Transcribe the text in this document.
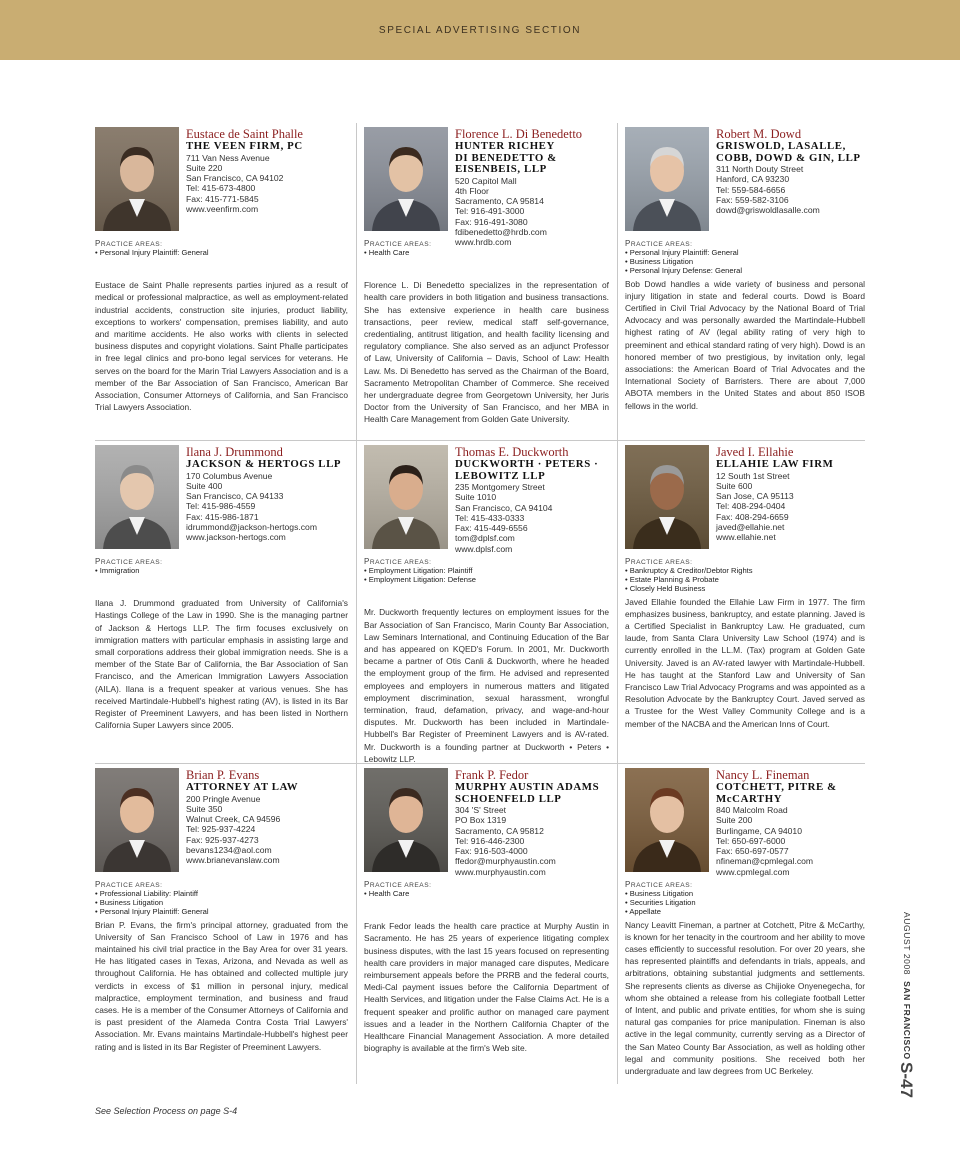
SPECIAL ADVERTISING SECTION
Eustace de Saint Phalle
THE VEEN FIRM, PC
711 Van Ness Avenue
Suite 220
San Francisco, CA 94102
Tel: 415-673-4800
Fax: 415-771-5845
www.veenfirm.com
PRACTICE AREAS:
• Personal Injury Plaintiff: General
Eustace de Saint Phalle represents parties injured as a result of medical or professional malpractice, as well as employment-related industrial accidents, construction site injuries, product liability, exceptions to workers' compensation, premises liability, and auto and maritime accidents. He also works with clients in selected business disputes and copyright violations. Saint Phalle participates in free legal clinics and pro-bono legal services for veterans. He serves on the board for the Marin Trial Lawyers Association and is a member of the Bar Association of San Francisco, American Bar Association, Consumer Attorneys of California, and San Francisco Trial Lawyers Association.
Florence L. Di Benedetto
HUNTER RICHEY
DI BENEDETTO &
EISENBEIS, LLP
520 Capitol Mall
4th Floor
Sacramento, CA 95814
Tel: 916-491-3000
Fax: 916-491-3080
fdibenedetto@hrdb.com
www.hrdb.com
PRACTICE AREAS:
• Health Care
Florence L. Di Benedetto specializes in the representation of health care providers in both litigation and business transactions. She has extensive experience in health care business transactions, peer review, medical staff self-governance, credentialing, antitrust litigation, and health facility licensing and regulatory compliance. She also served as an adjunct Professor of Law, University of California – Davis, School of Law: Health Law. Ms. Di Benedetto has served as the Chairman of the Board, Sacramento Metropolitan Chamber of Commerce. She received her undergraduate degree from Georgetown University, her Juris Doctor from the University of San Francisco, and her MBA in Health Care Management from Golden Gate University.
Robert M. Dowd
GRISWOLD, LASALLE,
COBB, DOWD & GIN, LLP
311 North Douty Street
Hanford, CA 93230
Tel: 559-584-6656
Fax: 559-582-3106
dowd@griswoldlasalle.com
PRACTICE AREAS:
• Personal Injury Plaintiff: General
• Business Litigation
• Personal Injury Defense: General
Bob Dowd handles a wide variety of business and personal injury litigation in state and federal courts. Dowd is Board Certified in Civil Trial Advocacy by the National Board of Trial Advocacy and was personally awarded the Martindale-Hubbell highest rating of AV (legal ability rating of very high to preeminent and ethical standard rating of very high). Dowd is an honored member of two prestigious, by invitation only, legal associations: the American Board of Trial Advocates and the International Society of Barristers. There are about 7,000 ABOTA members in the United States and about 850 ISOB fellows in the world.
Ilana J. Drummond
JACKSON & HERTOGS LLP
170 Columbus Avenue
Suite 400
San Francisco, CA 94133
Tel: 415-986-4559
Fax: 415-986-1871
idrummond@jackson-hertogs.com
www.jackson-hertogs.com
PRACTICE AREAS:
• Immigration
Ilana J. Drummond graduated from University of California's Hastings College of the Law in 1990. She is the managing partner of Jackson & Hertogs LLP. The firm focuses exclusively on immigration matters with particular emphasis in assisting large and small corporations address their global immigration needs. She is a member of the State Bar of California, the Bar Association of San Francisco, and the American Immigration Lawyers Association (AILA). Ilana is a frequent speaker at various venues. She has received Martindale-Hubbell's highest rating (AV), is listed in its Bar Register of Preeminent Lawyers, and has been listed in Northern California Super Lawyers since 2005.
Thomas E. Duckworth
DUCKWORTH · PETERS ·
LEBOWITZ LLP
235 Montgomery Street
Suite 1010
San Francisco, CA 94104
Tel: 415-433-0333
Fax: 415-449-6556
tom@dplsf.com
www.dplsf.com
PRACTICE AREAS:
• Employment Litigation: Plaintiff
• Employment Litigation: Defense
Mr. Duckworth frequently lectures on employment issues for the Bar Association of San Francisco, Marin County Bar Association, Law Seminars International, and Continuing Education of the Bar and has appeared on KQED's Forum. In 2001, Mr. Duckworth became a partner of Otis Canli & Duckworth, where he headed the employment group of the firm. He advised and represented employees and employers in numerous matters and litigated employment discrimination, sexual harassment, wrongful termination, fraud, defamation, privacy, and wage-and-hour disputes. Mr. Duckworth has been included in Martindale-Hubbell's Bar Register of Preeminent Lawyers and is AV-rated. Mr. Duckworth is a founding partner at Duckworth • Peters • Lebowitz LLP.
Javed I. Ellahie
ELLAHIE LAW FIRM
12 South 1st Street
Suite 600
San Jose, CA 95113
Tel: 408-294-0404
Fax: 408-294-6659
javed@ellahie.net
www.ellahie.net
PRACTICE AREAS:
• Bankruptcy & Creditor/Debtor Rights
• Estate Planning & Probate
• Closely Held Business
Javed Ellahie founded the Ellahie Law Firm in 1977. The firm emphasizes business, bankruptcy, and estate planning. Javed is a Certified Specialist in Bankruptcy Law. He graduated, cum laude, from Santa Clara University Law School (1974) and is currently enrolled in the LL.M. (Tax) program at Golden Gate University. Javed is an AV-rated lawyer with Martindale-Hubbell. He has taught at the Stanford Law and University of San Francisco Law Trial Advocacy Programs and was appointed as a Resolution Advocate by the Bankruptcy Court. Javed served as a Trustee for the West Valley Community College and is a member of the NACBA and the American Inns of Court.
Brian P. Evans
ATTORNEY AT LAW
200 Pringle Avenue
Suite 350
Walnut Creek, CA 94596
Tel: 925-937-4224
Fax: 925-937-4273
bevans1234@aol.com
www.brianevanslaw.com
PRACTICE AREAS:
• Professional Liability: Plaintiff
• Business Litigation
• Personal Injury Plaintiff: General
Brian P. Evans, the firm's principal attorney, graduated from the University of San Francisco School of Law in 1976 and has maintained his civil trial practice in the Bay Area for over 31 years. He has litigated cases in Texas, Arizona, and Nevada as well as throughout California. He has obtained and collected multiple jury verdicts in excess of $1 million in personal injury, medical malpractice, employment termination, and business and fraud cases. He is a member of the Consumer Attorneys of California and is past president of the Alameda Contra Costa Trial Lawyers' Association. Mr. Evans maintains Martindale-Hubbell's highest peer rating and is listed in its Bar Register of Preeminent Lawyers.
Frank P. Fedor
MURPHY AUSTIN ADAMS
SCHOENFELD LLP
304 'S' Street
PO Box 1319
Sacramento, CA 95812
Tel: 916-446-2300
Fax: 916-503-4000
ffedor@murphyaustin.com
www.murphyaustin.com
PRACTICE AREAS:
• Health Care
Frank Fedor leads the health care practice at Murphy Austin in Sacramento. He has 25 years of experience litigating complex business disputes, with the last 15 years focused on representing health care providers in major managed care disputes, Medicare reimbursement appeals before the PRRB and the federal courts, Medi-Cal payment issues before the California Department of Health Services, and litigation under the False Claims Act. He is a frequent speaker and prolific author on managed care payment issues and a leader in the Northern California Chapter of the Healthcare Financial Management Association. A more detailed biography is available at the firm's Web site.
Nancy L. Fineman
COTCHETT, PITRE &
McCARTHY
840 Malcolm Road
Suite 200
Burlingame, CA 94010
Tel: 650-697-6000
Fax: 650-697-0577
nfineman@cpmlegal.com
www.cpmlegal.com
PRACTICE AREAS:
• Business Litigation
• Securities Litigation
• Appellate
Nancy Leavitt Fineman, a partner at Cotchett, Pitre & McCarthy, is known for her tenacity in the courtroom and her ability to move cases efficiently to successful resolution. For over 20 years, she has represented plaintiffs and defendants in trials, appeals, and arbitrations, obtaining substantial judgments and settlements. She represents clients as diverse as Chijioke Onyenegecha, for whom she obtained a release from his collegiate football Letter of Intent, and public and private entities, for whom she is suing natural gas companies for price manipulation. Fineman is also active in the legal community, currently serving as a Director of the San Mateo County Bar Association, as well as holding other legal and community positions. She received both her undergraduate and law degrees from UC Berkeley.
See Selection Process on page S-4
AUGUST 2008  SAN FRANCISCO
S-47
